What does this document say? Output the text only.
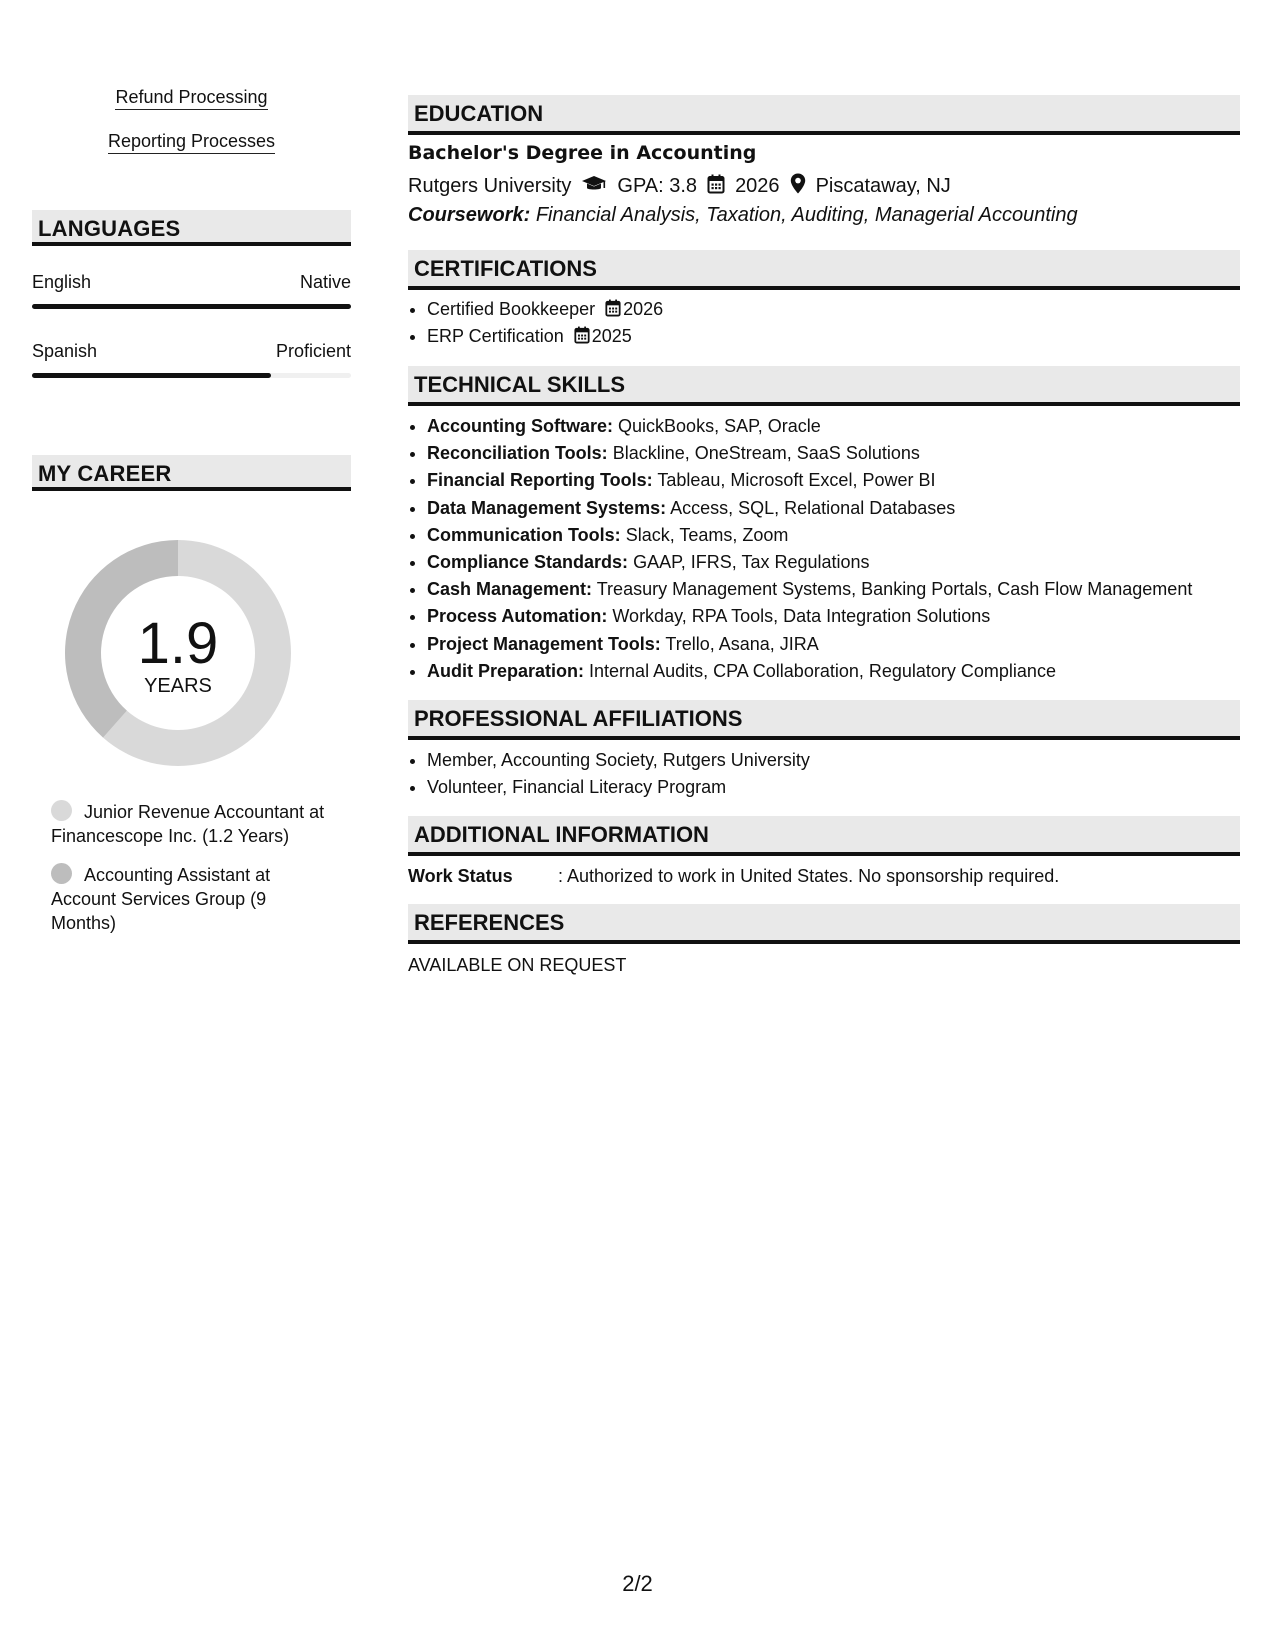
Refund Processing
Reporting Processes
LANGUAGES
English	Native
Spanish	Proficient
MY CAREER
1.9
YEARS
Junior Revenue Accountant at Financescope Inc. (1.2 Years)
Accounting Assistant at Account Services Group (9 Months)
EDUCATION
Bachelor's Degree in Accounting
Rutgers University GPA: 3.8 2026 Piscataway, NJ
Coursework: Financial Analysis, Taxation, Auditing, Managerial Accounting
CERTIFICATIONS
• Certified Bookkeeper 2026
• ERP Certification 2025
TECHNICAL SKILLS
• Accounting Software: QuickBooks, SAP, Oracle
• Reconciliation Tools: Blackline, OneStream, SaaS Solutions
• Financial Reporting Tools: Tableau, Microsoft Excel, Power BI
• Data Management Systems: Access, SQL, Relational Databases
• Communication Tools: Slack, Teams, Zoom
• Compliance Standards: GAAP, IFRS, Tax Regulations
• Cash Management: Treasury Management Systems, Banking Portals, Cash Flow Management
• Process Automation: Workday, RPA Tools, Data Integration Solutions
• Project Management Tools: Trello, Asana, JIRA
• Audit Preparation: Internal Audits, CPA Collaboration, Regulatory Compliance
PROFESSIONAL AFFILIATIONS
• Member, Accounting Society, Rutgers University
• Volunteer, Financial Literacy Program
ADDITIONAL INFORMATION
Work Status	: Authorized to work in United States. No sponsorship required.
REFERENCES
AVAILABLE ON REQUEST
2/2
